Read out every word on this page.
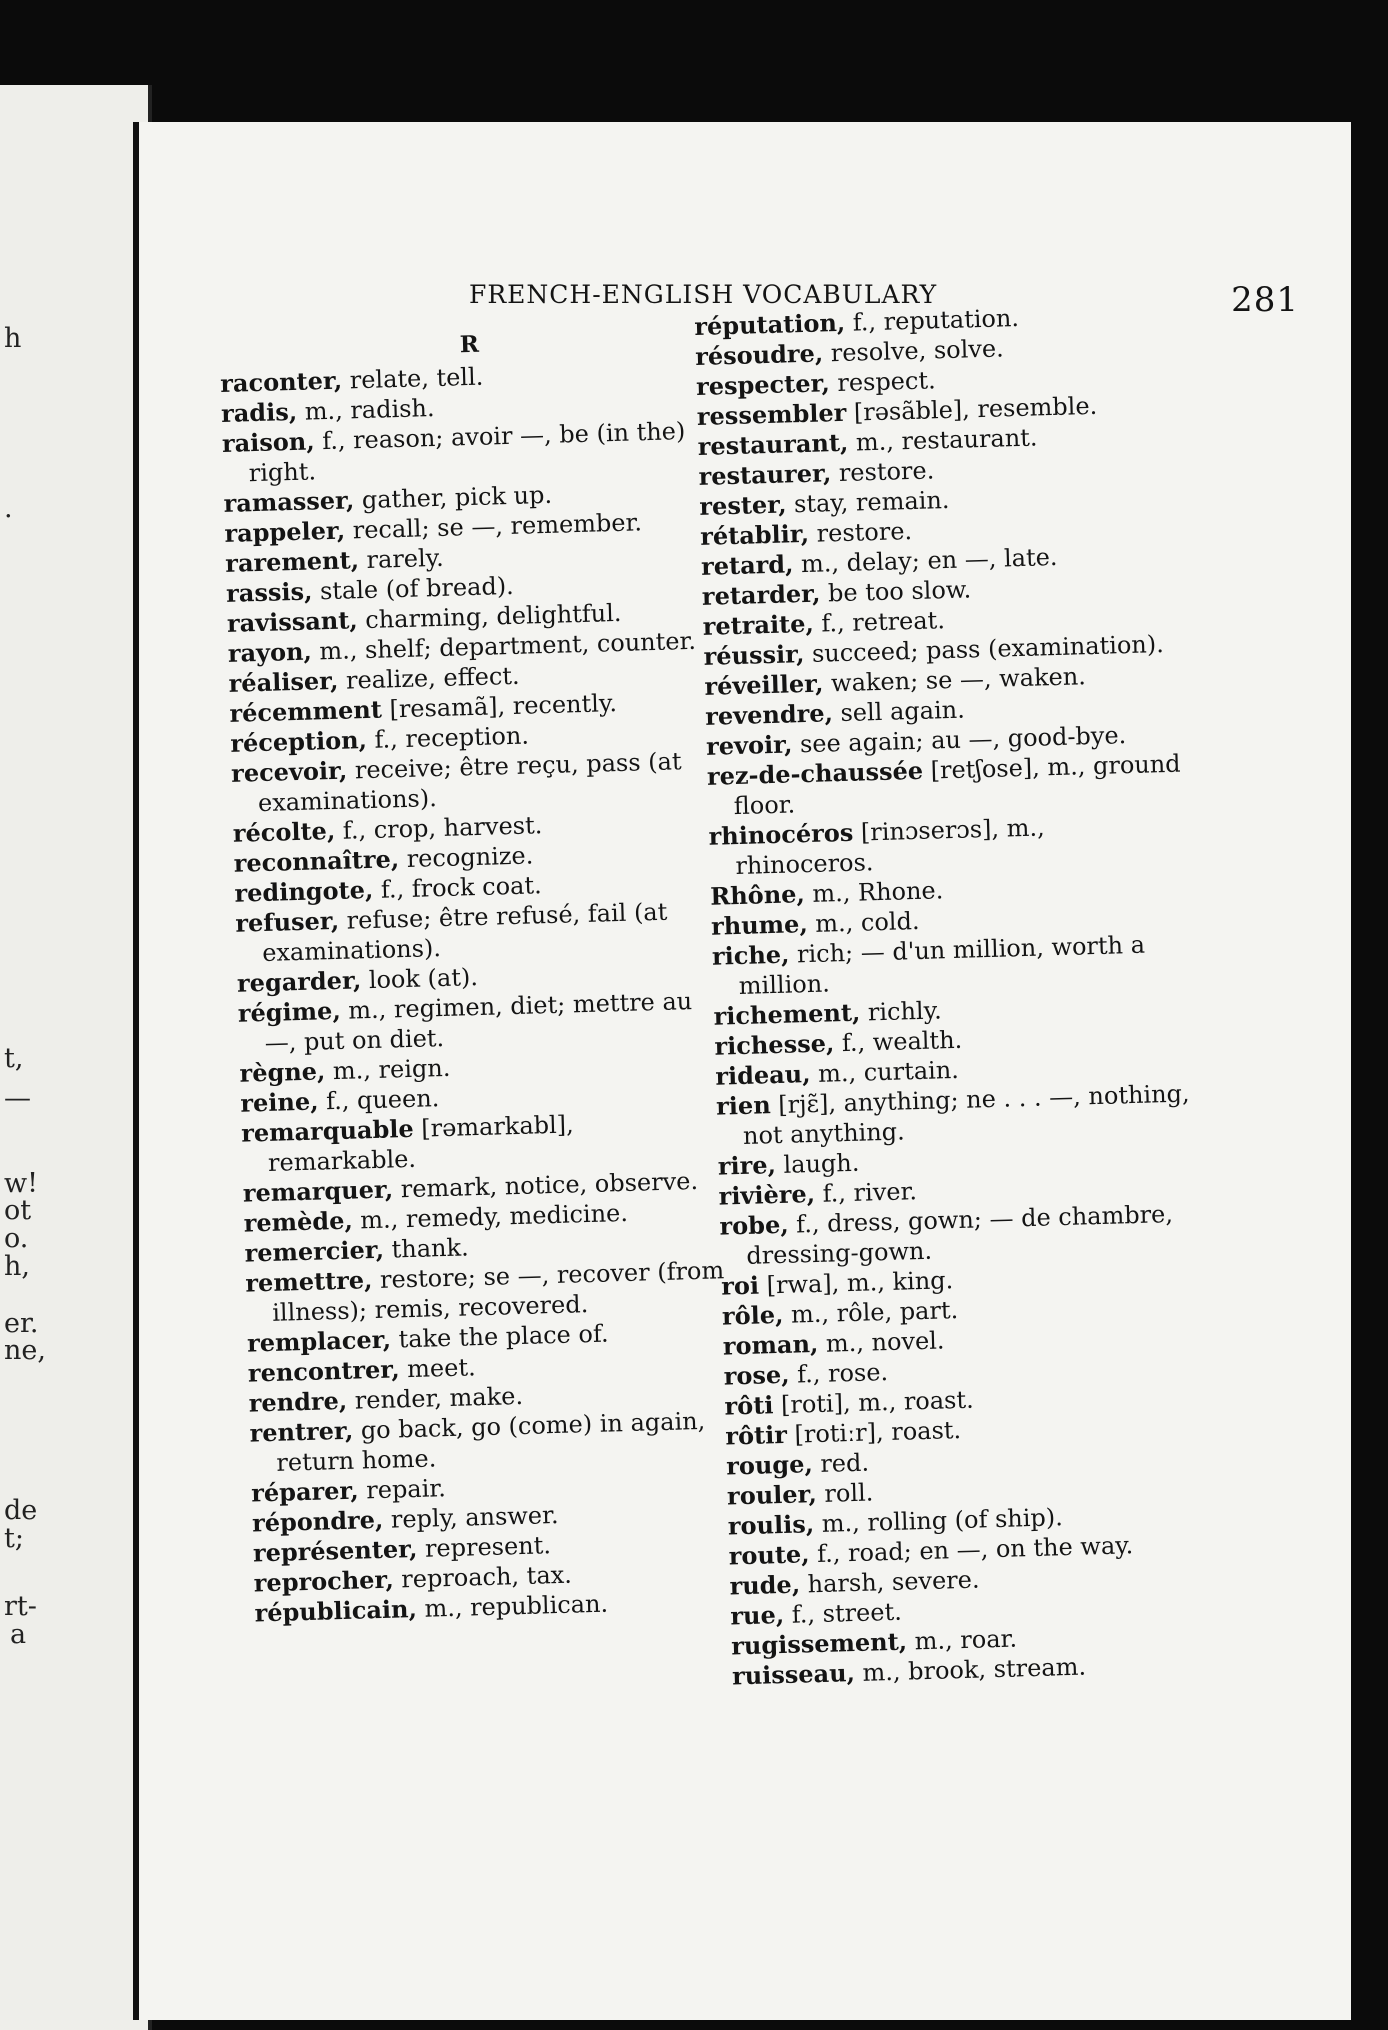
h
t,
—
w!
ot
o.
h,
er.
ne,
de
t;
rt-
a
.
FRENCH-ENGLISH VOCABULARY	281
R

raconter, relate, tell.

radis, m., radish.

raison, f., reason; avoir —, be (in the) right.

ramasser, gather, pick up.

rappeler, recall; se —, remember.

rarement, rarely.

rassis, stale (of bread).

ravissant, charming, delightful.

rayon, m., shelf; department, counter.

réaliser, realize, effect.

récemment [resamã], recently.

réception, f., reception.

recevoir, receive; être reçu, pass (at examinations).

récolte, f., crop, harvest.

reconnaître, recognize.

redingote, f., frock coat.

refuser, refuse; être refusé, fail (at examinations).

regarder, look (at).

régime, m., regimen, diet; mettre au —, put on diet.

règne, m., reign.

reine, f., queen.

remarquable [rəmarkabl], remarkable.

remarquer, remark, notice, observe.

remède, m., remedy, medicine.

remercier, thank.

remettre, restore; se —, recover (from illness); remis, recovered.

remplacer, take the place of.

rencontrer, meet.

rendre, render, make.

rentrer, go back, go (come) in again, return home.

réparer, repair.

répondre, reply, answer.

représenter, represent.

reprocher, reproach, tax.

républicain, m., republican.

réputation, f., reputation.

résoudre, resolve, solve.

respecter, respect.

ressembler [rəsãble], resemble.

restaurant, m., restaurant.

restaurer, restore.

rester, stay, remain.

rétablir, restore.

retard, m., delay; en —, late.

retarder, be too slow.

retraite, f., retreat.

réussir, succeed; pass (examination).

réveiller, waken; se —, waken.

revendre, sell again.

revoir, see again; au —, good-bye.

rez-de-chaussée [retʃose], m., ground floor.

rhinocéros [rinɔserɔs], m., rhinoceros.

Rhône, m., Rhone.

rhume, m., cold.

riche, rich; — d'un million, worth a million.

richement, richly.

richesse, f., wealth.

rideau, m., curtain.

rien [rjɛ̃], anything; ne . . . —, nothing, not anything.

rire, laugh.

rivière, f., river.

robe, f., dress, gown; — de chambre, dressing-gown.

roi [rwa], m., king.

rôle, m., rôle, part.

roman, m., novel.

rose, f., rose.

rôti [roti], m., roast.

rôtir [rotiːr], roast.

rouge, red.

rouler, roll.

roulis, m., rolling (of ship).

route, f., road; en —, on the way.

rude, harsh, severe.

rue, f., street.

rugissement, m., roar.

ruisseau, m., brook, stream.
